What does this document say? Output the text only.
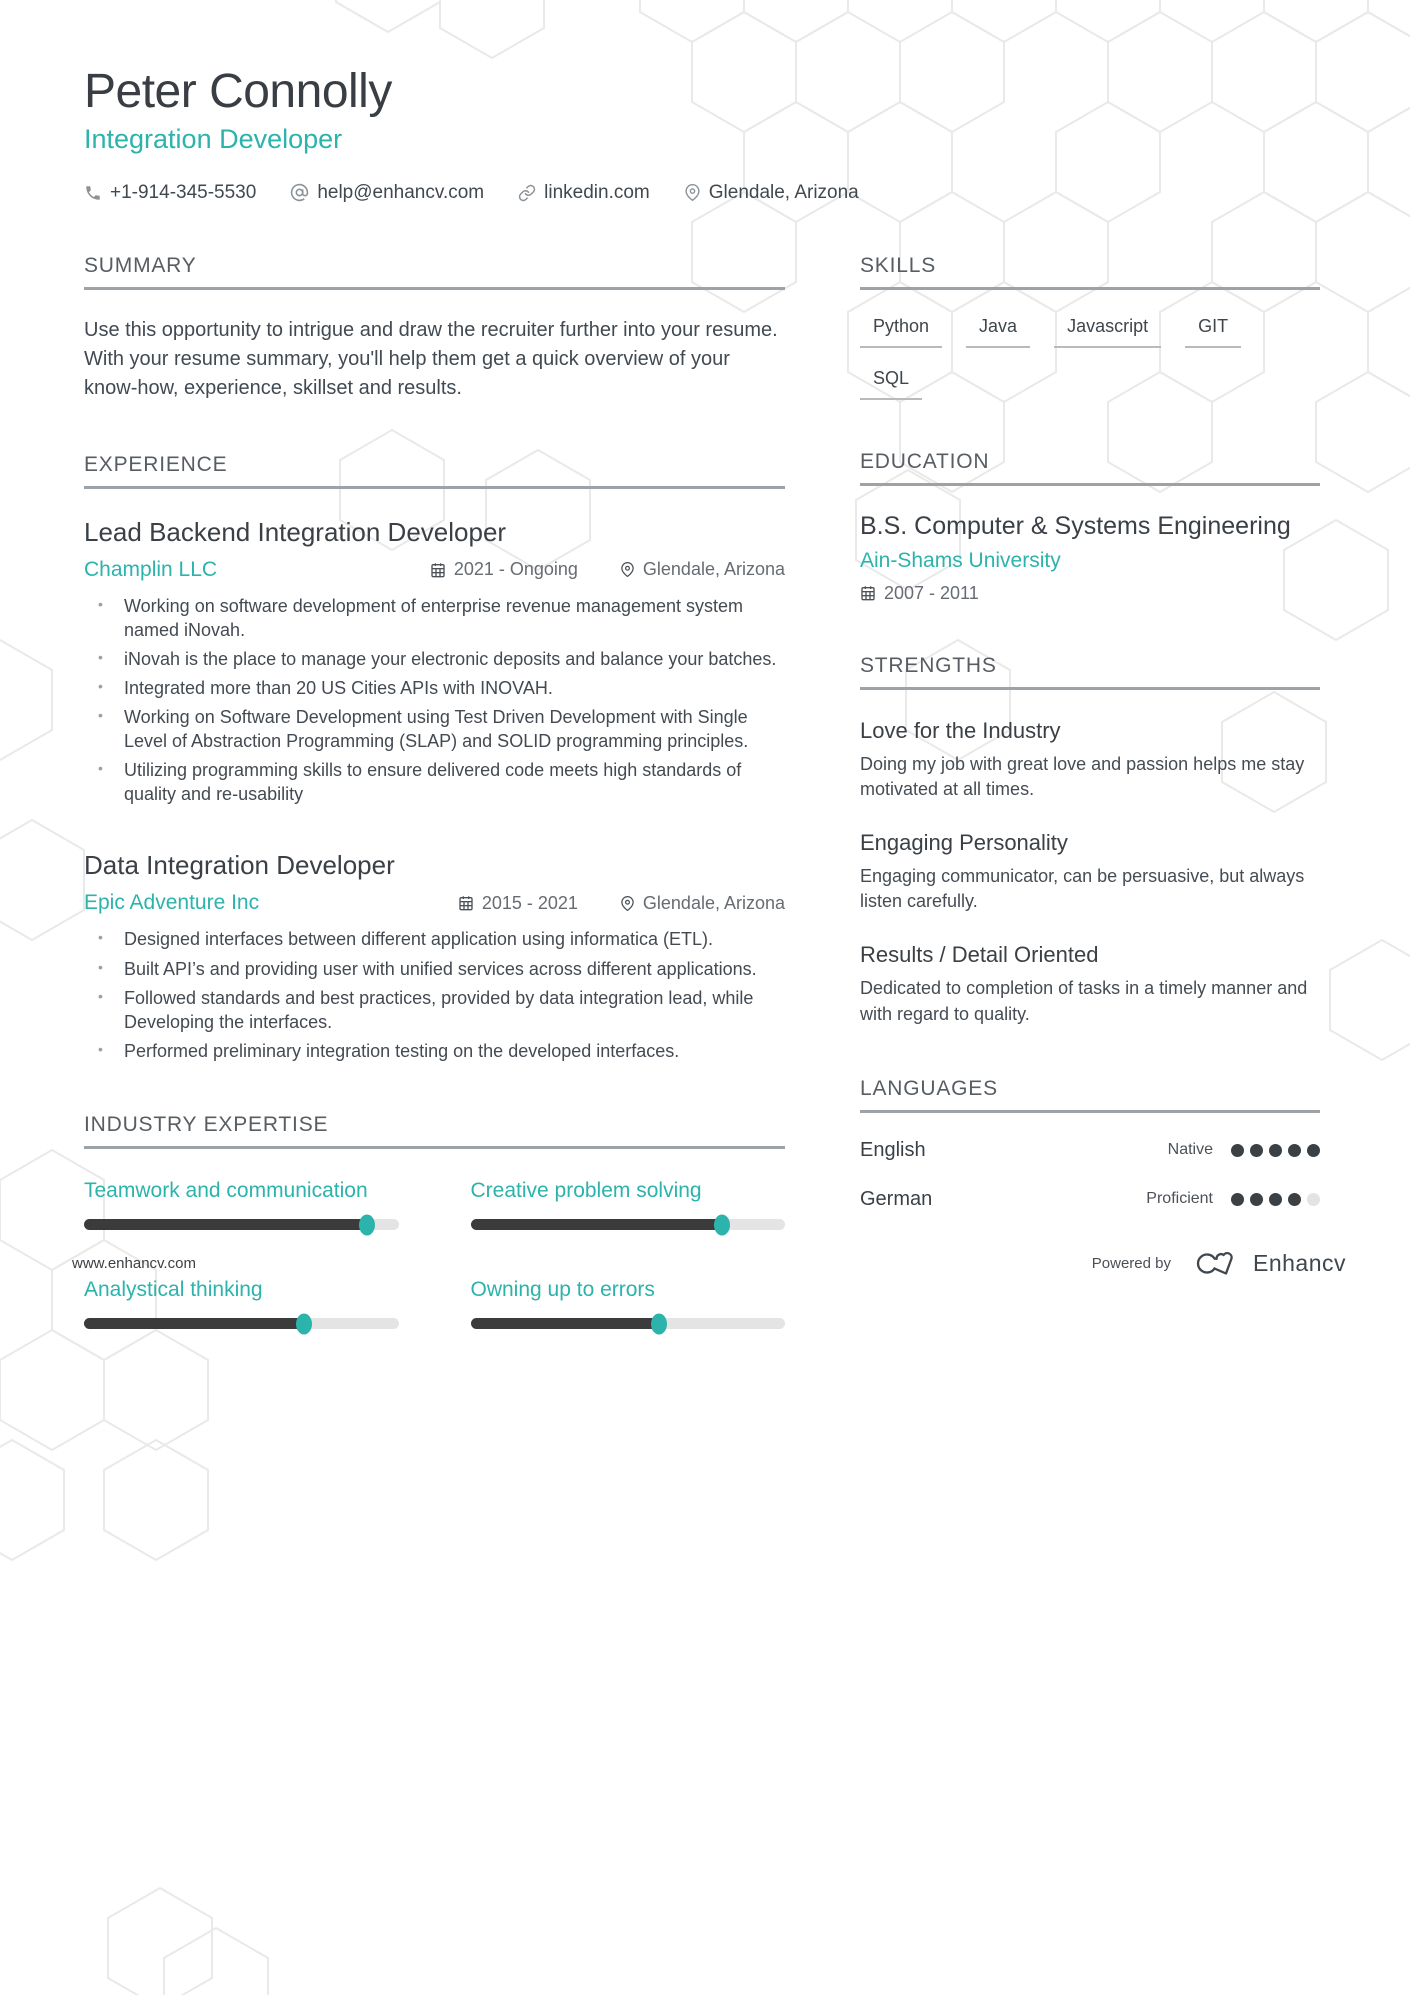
Peter Connolly
Integration Developer
+1-914-345-5530	help@enhancv.com	linkedin.com	Glendale, Arizona
SUMMARY
Use this opportunity to intrigue and draw the recruiter further into your resume. With your resume summary, you'll help them get a quick overview of your know-how, experience, skillset and results.
EXPERIENCE
Lead Backend Integration Developer
Champlin LLC	2021 - Ongoing	Glendale, Arizona
• Working on software development of enterprise revenue management system named iNovah.
• iNovah is the place to manage your electronic deposits and balance your batches.
• Integrated more than 20 US Cities APIs with INOVAH.
• Working on Software Development using Test Driven Development with Single Level of Abstraction Programming (SLAP) and SOLID programming principles.
• Utilizing programming skills to ensure delivered code meets high standards of quality and re-usability
Data Integration Developer
Epic Adventure Inc	2015 - 2021	Glendale, Arizona
• Designed interfaces between different application using informatica (ETL).
• Built API’s and providing user with unified services across different applications.
• Followed standards and best practices, provided by data integration lead, while Developing the interfaces.
• Performed preliminary integration testing on the developed interfaces.
INDUSTRY EXPERTISE
Teamwork and communication	Creative problem solving
Analystical thinking	Owning up to errors
SKILLS
Python	Java	Javascript	GIT
SQL
EDUCATION
B.S. Computer & Systems Engineering
Ain-Shams University
2007 - 2011
STRENGTHS
Love for the Industry
Doing my job with great love and passion helps me stay motivated at all times.
Engaging Personality
Engaging communicator, can be persuasive, but always listen carefully.
Results / Detail Oriented
Dedicated to completion of tasks in a timely manner and with regard to quality.
LANGUAGES
English	Native
German	Proficient
www.enhancv.com	Powered by	Enhancv
